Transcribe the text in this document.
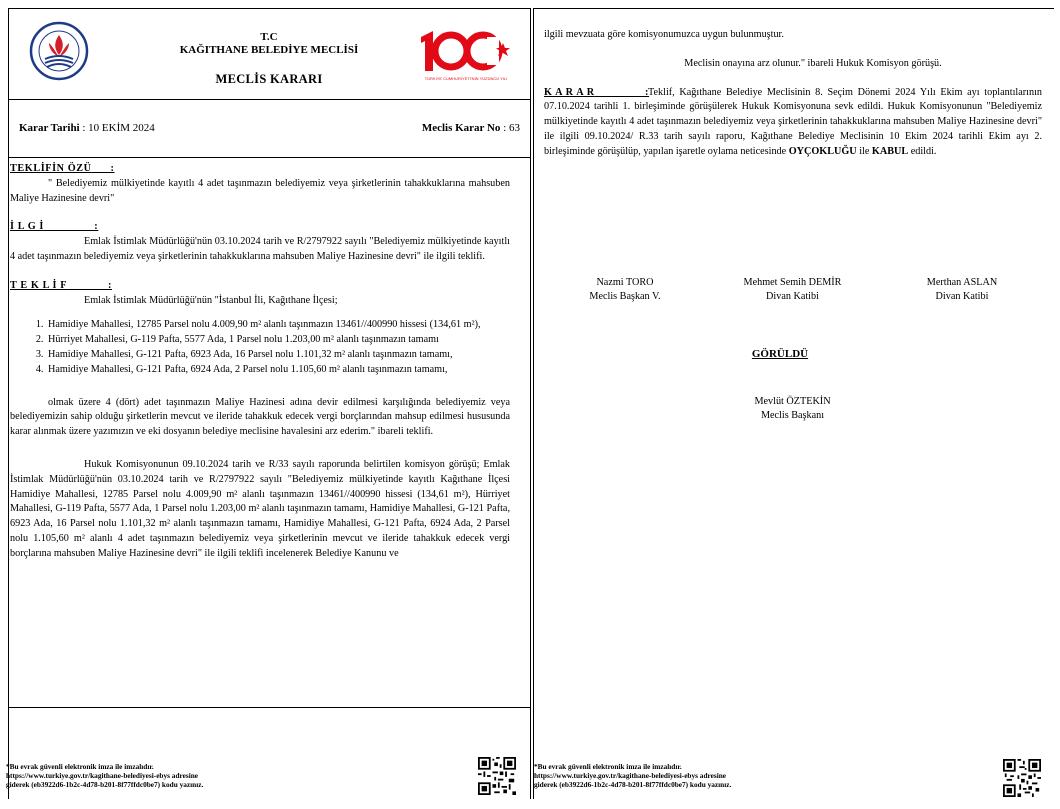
TÜRKİYE CUMHURİYETİ'NİN YÜZÜNCÜ YILI
T.C
KAĞITHANE BELEDİYE MECLİSİ
MECLİS KARARI
Karar Tarihi : 10 EKİM 2024	Meclis Karar No : 63
TEKLİFİN ÖZÜ      :

" Belediyemiz mülkiyetinde kayıtlı 4 adet taşınmazın belediyemiz veya şirketlerinin tahakkuklarına mahsuben Maliye Hazinesine devri"

İ L G İ                :

Emlak İstimlak Müdürlüğü'nün 03.10.2024 tarih ve R/2797922 sayılı "Belediyemiz mülkiyetinde kayıtlı 4 adet taşınmazın belediyemiz veya şirketlerinin tahakkuklarına mahsuben Maliye Hazinesine devri" ile ilgili teklifi.

T E K L İ F             :

Emlak İstimlak Müdürlüğü'nün "İstanbul İli, Kağıthane İlçesi;

1. Hamidiye Mahallesi, 12785 Parsel nolu 4.009,90 m² alanlı taşınmazın 13461//400990 hissesi (134,61 m²),
2. Hürriyet Mahallesi, G-119 Pafta, 5577 Ada, 1 Parsel nolu 1.203,00 m² alanlı taşınmazın tamamı
3. Hamidiye Mahallesi, G-121 Pafta, 6923 Ada, 16 Parsel nolu 1.101,32 m² alanlı taşınmazın tamamı,
4. Hamidiye Mahallesi, G-121 Pafta, 6924 Ada, 2 Parsel nolu 1.105,60 m² alanlı taşınmazın tamamı,

olmak üzere 4 (dört) adet taşınmazın Maliye Hazinesi adına devir edilmesi karşılığında belediyemiz veya belediyemizin sahip olduğu şirketlerin mevcut ve ileride tahakkuk edecek vergi borçlarından mahsup edilmesi hususunda karar alınmak üzere yazımızın ve eki dosyanın belediye meclisine havalesini arz ederim." ibareli teklifi.

Hukuk Komisyonunun 09.10.2024 tarih ve R/33 sayılı raporunda belirtilen komisyon görüşü; Emlak İstimlak Müdürlüğü'nün 03.10.2024 tarih ve R/2797922 sayılı "Belediyemiz mülkiyetinde kayıtlı Kağıthane İlçesi Hamidiye Mahallesi, 12785 Parsel nolu 4.009,90 m² alanlı taşınmazın 13461//400990 hissesi (134,61 m²), Hürriyet Mahallesi, G-119 Pafta, 5577 Ada, 1 Parsel nolu 1.203,00 m² alanlı taşınmazın tamamı, Hamidiye Mahallesi, G-121 Pafta, 6923 Ada, 16 Parsel nolu 1.101,32 m² alanlı taşınmazın tamamı, Hamidiye Mahallesi, G-121 Pafta, 6924 Ada, 2 Parsel nolu 1.105,60 m² alanlı 4 adet taşınmazın belediyemiz veya şirketlerinin mevcut ve ileride tahakkuk edecek vergi borçlarına mahsuben Maliye Hazinesine devri" ile ilgili teklifi incelenerek Belediye Kanunu ve

*Bu evrak güvenli elektronik imza ile imzalıdır.
https://www.turkiye.gov.tr/kagithane-belediyesi-ebys adresine
giderek (eb3922d6-1b2c-4d78-b201-8f77ffdc0be7) kodu yazınız.

ilgili mevzuata göre komisyonumuzca uygun bulunmuştur.

Meclisin onayına arz olunur." ibareli Hukuk Komisyon görüşü.

K A R A R                :

Teklif, Kağıthane Belediye Meclisinin 8. Seçim Dönemi 2024 Yılı Ekim ayı toplantılarının 07.10.2024 tarihli 1. birleşiminde görüşülerek Hukuk Komisyonuna sevk edildi. Hukuk Komisyonunun "Belediyemiz mülkiyetinde kayıtlı 4 adet taşınmazın belediyemiz veya şirketlerinin tahakkuklarına mahsuben Maliye Hazinesine devri" ile ilgili 09.10.2024/ R.33 tarih sayılı raporu, Kağıthane Belediye Meclisinin 10 Ekim 2024 tarihli Ekim ayı 2. birleşiminde görüşülüp, yapılan işaretle oylama neticesinde OYÇOKLUĞU ile KABUL edildi.

Nazmi TORO
Meclis Başkan V.
Mehmet Semih DEMİR
Divan Katibi
Merthan ASLAN
Divan Katibi
GÖRÜLDÜ
Mevlüt ÖZTEKİN
Meclis Başkanı
*Bu evrak güvenli elektronik imza ile imzalıdır.
https://www.turkiye.gov.tr/kagithane-belediyesi-ebys adresine
giderek (eb3922d6-1b2c-4d78-b201-8f77ffdc0be7) kodu yazınız.
